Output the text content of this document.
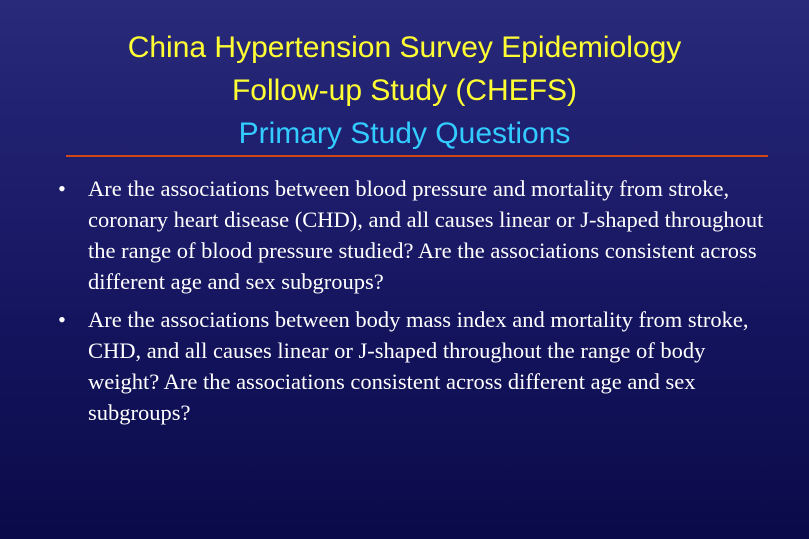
China Hypertension Survey Epidemiology
Follow-up Study (CHEFS)
Primary Study Questions
• Are the associations between blood pressure and mortality from stroke, coronary heart disease (CHD), and all causes linear or J-shaped throughout the range of blood pressure studied? Are the associations consistent across different age and sex subgroups?
• Are the associations between body mass index and mortality from stroke, CHD, and all causes linear or J-shaped throughout the range of body weight? Are the associations consistent across different age and sex subgroups?
